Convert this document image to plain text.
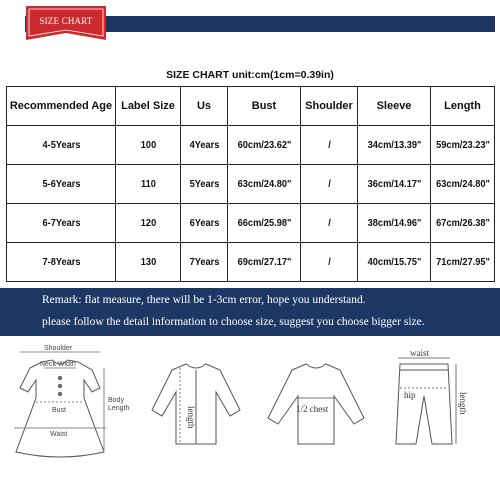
SIZE CHART
SIZE CHART unit:cm(1cm=0.39in)
Recommended Age	Label Size	Us	Bust	Shoulder	Sleeve	Length
4-5Years	100	4Years	60cm/23.62"	/	34cm/13.39"	59cm/23.23"
5-6Years	110	5Years	63cm/24.80"	/	36cm/14.17"	63cm/24.80"
6-7Years	120	6Years	66cm/25.98"	/	38cm/14.96"	67cm/26.38"
7-8Years	130	7Years	69cm/27.17"	/	40cm/15.75"	71cm/27.95"
Remark: flat measure, there will be 1-3cm error, hope you understand.
please follow the detail information to choose size, suggest you choose bigger size.
Shoulder
Neck Width
Bust
Waist
Body
Length	length	1/2 chest
waist
hip	length
